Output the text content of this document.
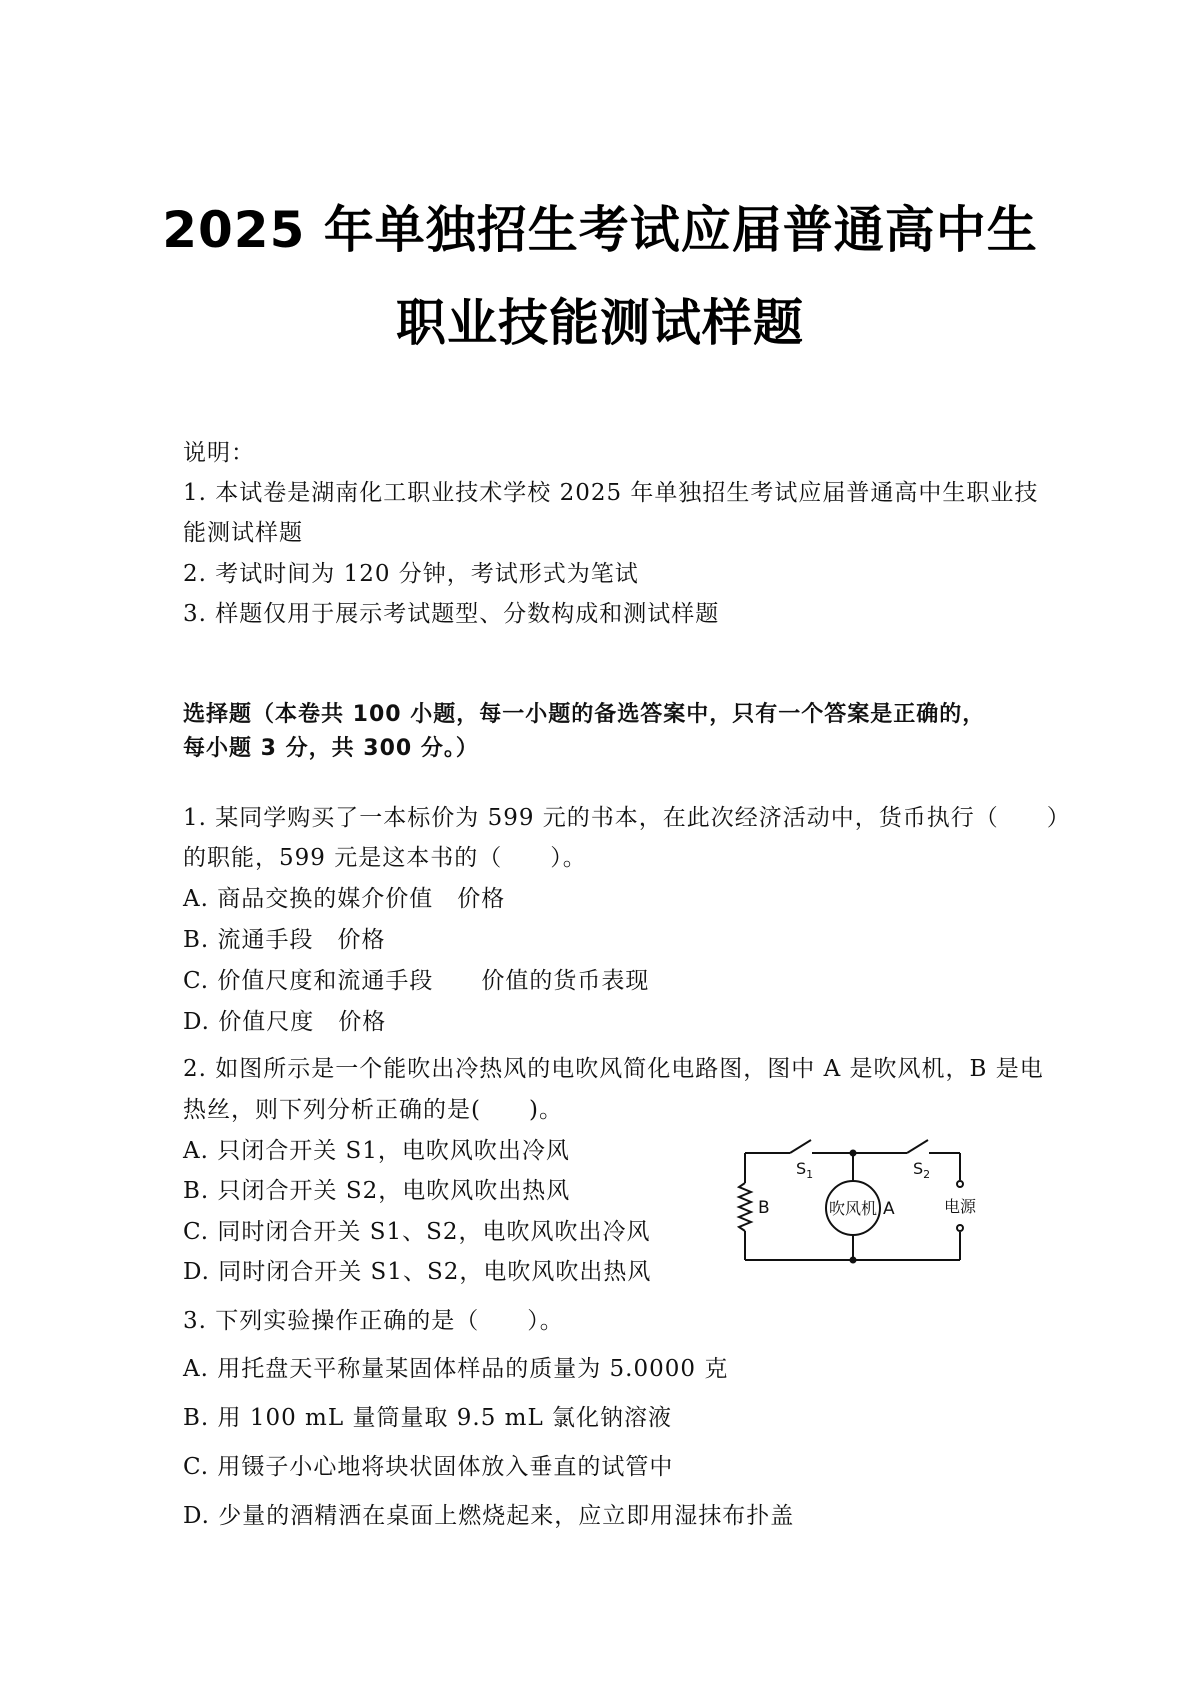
2025 年单独招生考试应届普通高中生
职业技能测试样题
说明：
1. 本试卷是湖南化工职业技术学校 2025 年单独招生考试应届普通高中生职业技
能测试样题
2. 考试时间为 120 分钟，考试形式为笔试
3. 样题仅用于展示考试题型、分数构成和测试样题
选择题（本卷共 100 小题，每一小题的备选答案中，只有一个答案是正确的，
每小题 3 分，共 300 分。）
1. 某同学购买了一本标价为 599 元的书本，在此次经济活动中，货币执行（　　）
的职能，599 元是这本书的（　　）。
A. 商品交换的媒介价值　价格
B. 流通手段　价格
C. 价值尺度和流通手段　　价值的货币表现
D. 价值尺度　价格
2. 如图所示是一个能吹出冷热风的电吹风简化电路图，图中 A 是吹风机，B 是电
热丝，则下列分析正确的是(　　)。
A. 只闭合开关 S1，电吹风吹出冷风
B. 只闭合开关 S2，电吹风吹出热风
C. 同时闭合开关 S1、S2，电吹风吹出冷风
D. 同时闭合开关 S1、S2，电吹风吹出热风
$S_1$	$S_2$
B	吹风机 A	电源
3. 下列实验操作正确的是（　　）。
A. 用托盘天平称量某固体样品的质量为 5.0000 克
B. 用 100 mL 量筒量取 9.5 mL 氯化钠溶液
C. 用镊子小心地将块状固体放入垂直的试管中
D. 少量的酒精洒在桌面上燃烧起来，应立即用湿抹布扑盖
